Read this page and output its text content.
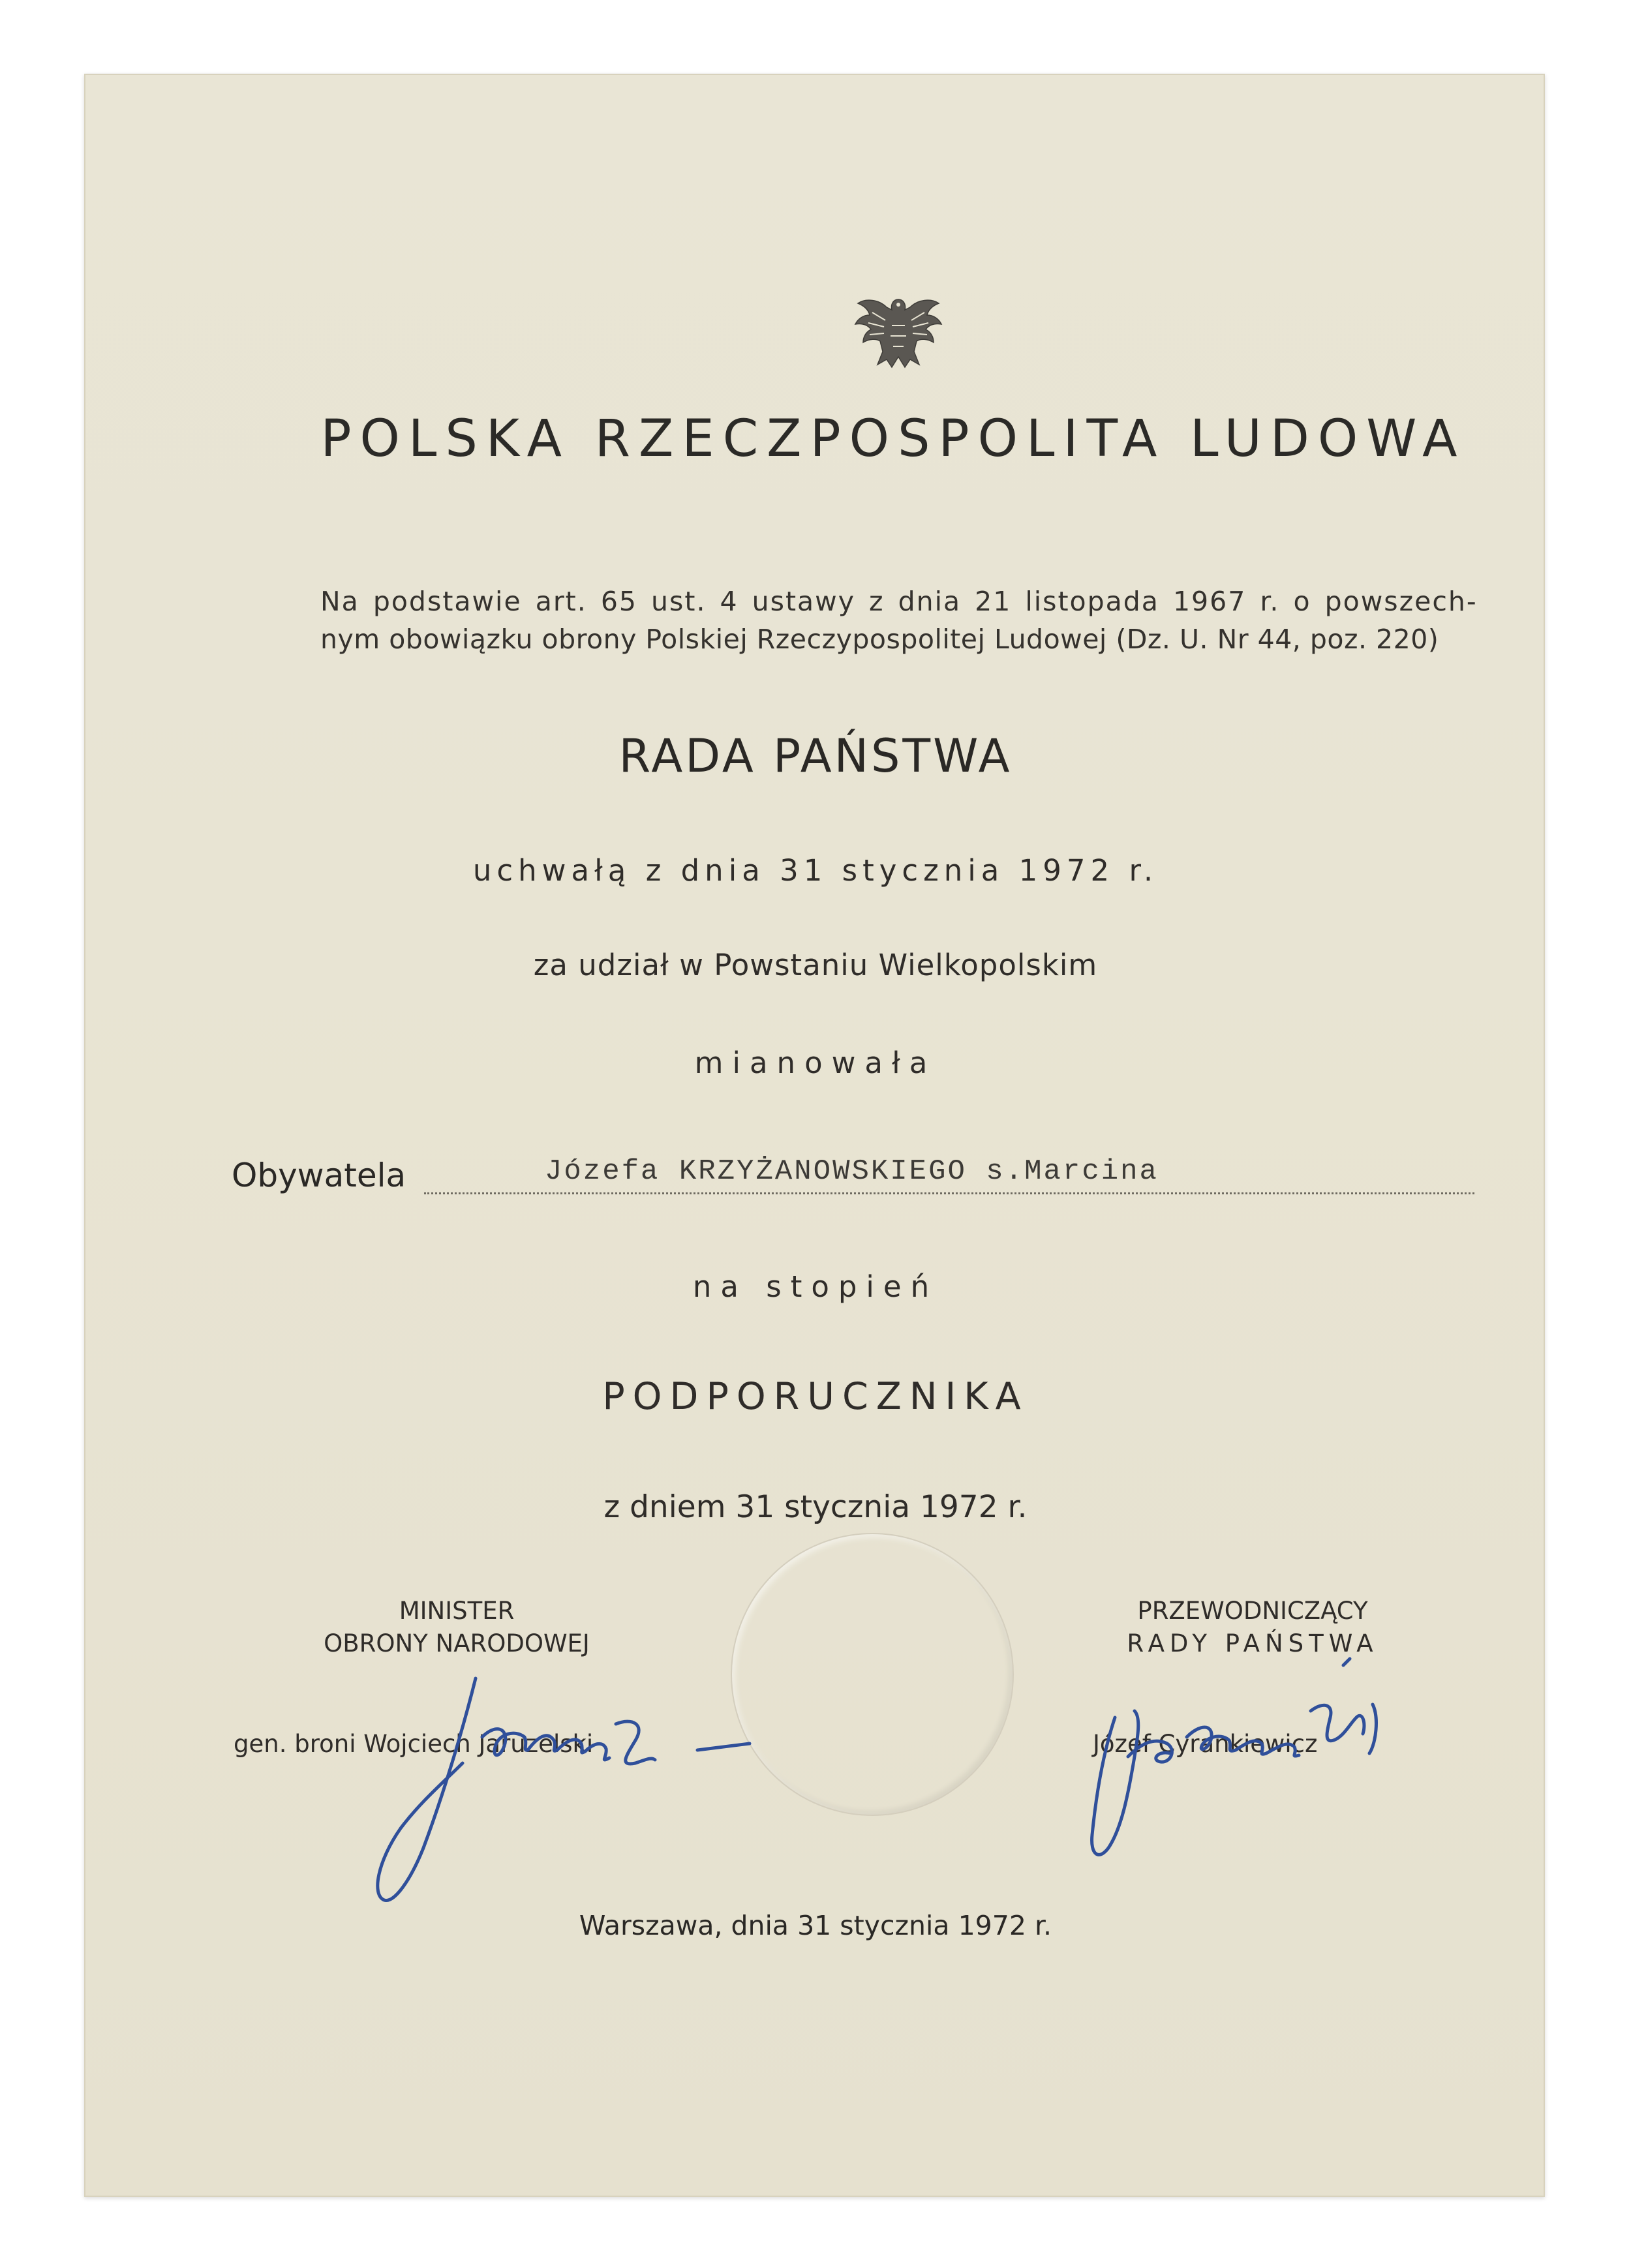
POLSKA RZECZPOSPOLITA LUDOWA
Na podstawie art. 65 ust. 4 ustawy z dnia 21 listopada 1967 r. o powszech-
nym obowiązku obrony Polskiej Rzeczypospolitej Ludowej (Dz. U. Nr 44, poz. 220)
RADA PAŃSTWA
uchwałą z dnia 31 stycznia 1972 r.
za udział w Powstaniu Wielkopolskim
mianowała
Obywatela	Józefa KRZYŻANOWSKIEGO s.Marcina
na stopień
PODPORUCZNIKA
z dniem 31 stycznia 1972 r.
MINISTER
OBRONY NARODOWEJ
gen. broni Wojciech Jaruzelski
PRZEWODNICZĄCY
RADY PAŃSTWA
Józef Cyrankiewicz
Warszawa, dnia 31 stycznia 1972 r.
